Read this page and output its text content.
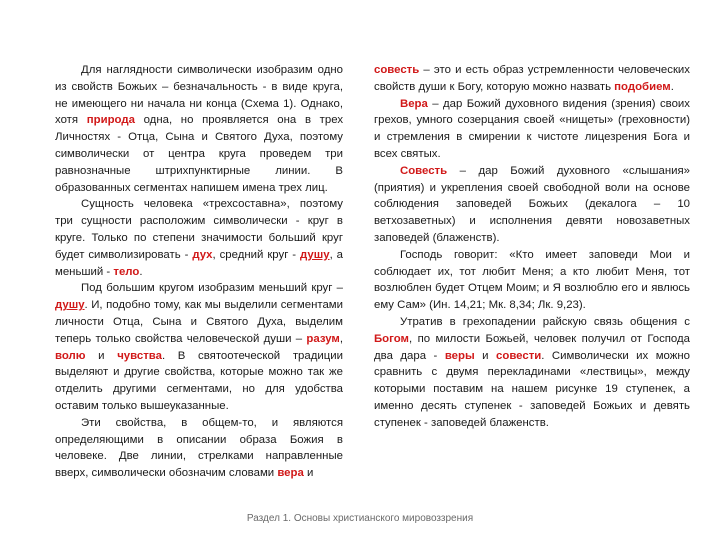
Для наглядности символически изобразим одно из свойств Божьих – безначальность - в виде круга, не имеющего ни начала ни конца (Схема 1). Однако, хотя природа одна, но проявляется она в трех Личностях - Отца, Сына и Святого Духа, поэтому символически от центра круга проведем три равнозначные штрихпунктирные линии. В образованных сегментах напишем имена трех лиц.

Сущность человека «трехсоставна», поэтому три сущности расположим символически - круг в круге. Только по степени значимости больший круг будет символизировать - дух, средний круг - душу, а меньший - тело.

Под большим кругом изобразим меньший круг – душу. И, подобно тому, как мы выделили сегментами личности Отца, Сына и Святого Духа, выделим теперь только свойства человеческой души – разум, волю и чувства. В святоотеческой традиции выделяют и другие свойства, которые можно так же отделить другими сегментами, но для удобства оставим только вышеуказанные.

Эти свойства, в общем-то, и являются определяющими в описании образа Божия в человеке. Две линии, стрелками направленные вверх, символически обозначим словами вера и

совесть – это и есть образ устремленности человеческих свойств души к Богу, которую можно назвать подобием.

Вера – дар Божий духовного видения (зрения) своих грехов, умного созерцания своей «нищеты» (греховности) и стремления в смирении к чистоте лицезрения Бога и всех святых.

Совесть – дар Божий духовного «слышания» (приятия) и укрепления своей свободной воли на основе соблюдения заповедей Божьих (декалога – 10 ветхозаветных) и исполнения девяти новозаветных заповедей (блаженств).

Господь говорит: «Кто имеет заповеди Мои и соблюдает их, тот любит Меня; а кто любит Меня, тот возлюблен будет Отцем Моим; и Я возлюблю его и явлюсь ему Сам» (Ин. 14,21; Мк. 8,34; Лк. 9,23).

Утратив в грехопадении райскую связь общения с Богом, по милости Божьей, человек получил от Господа два дара - веры и совести. Символически их можно сравнить с двумя перекладинами «лествицы», между которыми поставим на нашем рисунке 19 ступенек, а именно десять ступенек - заповедей Божьих и девять ступенек - заповедей блаженств.

Раздел 1. Основы христианского мировоззрения
